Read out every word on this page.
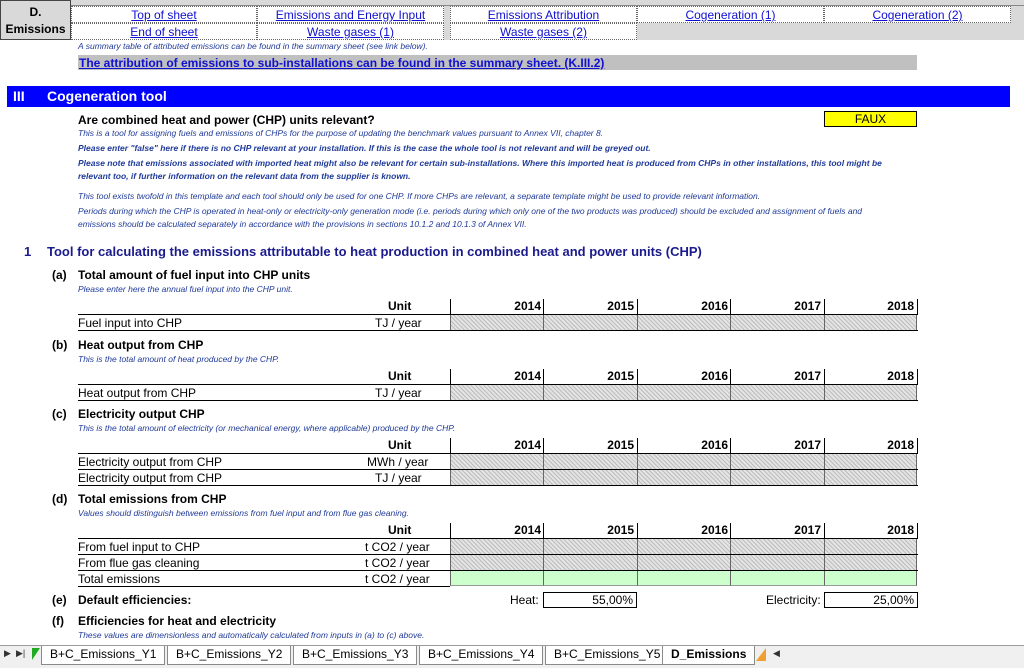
D.
Emissions
Top of sheet	Emissions and Energy Input	Emissions Attribution	Cogeneration (1)	Cogeneration (2)
End of sheet	Waste gases (1)	Waste gases (2)
A summary table of attributed emissions can be found in the summary sheet (see link below).
The attribution of emissions to sub-installations can be found in the summary sheet. (K.III.2)
III Cogeneration tool
Are combined heat and power (CHP) units relevant?	FAUX
This is a tool for assigning fuels and emissions of CHPs for the purpose of updating the benchmark values pursuant to Annex VII, chapter 8.
Please enter "false" here if there is no CHP relevant at your installation. If this is the case the whole tool is not relevant and will be greyed out.
Please note that emissions associated with imported heat might also be relevant for certain sub-installations. Where this imported heat is produced from CHPs in other installations, this tool might be
relevant too, if further information on the relevant data from the supplier is known.
This tool exists twofold in this template and each tool should only be used for one CHP. If more CHPs are relevant, a separate template might be used to provide relevant information.
Periods during which the CHP is operated in heat-only or electricity-only generation mode (i.e. periods during which only one of the two products was produced) should be excluded and assignment of fuels and
emissions should be calculated separately in accordance with the provisions in sections 10.1.2 and 10.1.3 of Annex VII.
1 Tool for calculating the emissions attributable to heat production in combined heat and power units (CHP)
(a) Total amount of fuel input into CHP units
Please enter here the annual fuel input into the CHP unit.
Unit	2014	2015	2016	2017	2018
Fuel input into CHP	TJ / year
(b) Heat output from CHP
This is the total amount of heat produced by the CHP.
Unit	2014	2015	2016	2017	2018
Heat output from CHP	TJ / year
(c) Electricity output CHP
This is the total amount of electricity (or mechanical energy, where applicable) produced by the CHP.
Unit	2014	2015	2016	2017	2018
Electricity output from CHP	MWh / year
Electricity output from CHP	TJ / year
(d) Total emissions from CHP
Values should distinguish between emissions from fuel input and from flue gas cleaning.
Unit	2014	2015	2016	2017	2018
From fuel input to CHP	t CO2 / year
From flue gas cleaning	t CO2 / year
Total emissions	t CO2 / year
(e) Default efficiencies:	Heat:	55,00%	Electricity:	25,00%
(f) Efficiencies for heat and electricity
These values are dimensionless and automatically calculated from inputs in (a) to (c) above.
▶ ▶|	B+C_Emissions_Y1	B+C_Emissions_Y2	B+C_Emissions_Y3	B+C_Emissions_Y4	B+C_Emissions_Y5 D_Emissions	◀
